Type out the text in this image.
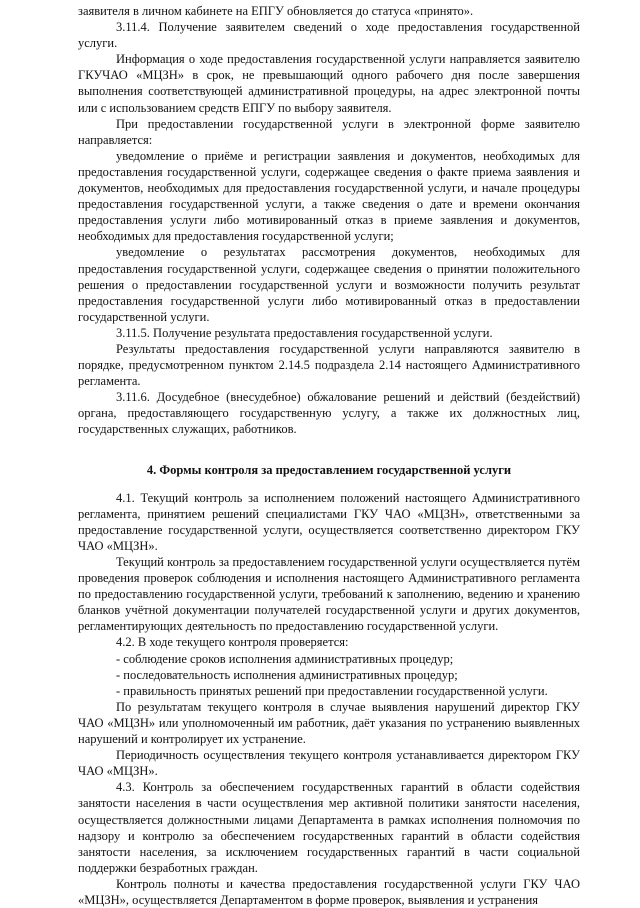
заявителя в личном кабинете на ЕПГУ обновляется до статуса «принято».

3.11.4. Получение заявителем сведений о ходе предоставления государственной услуги.

Информация о ходе предоставления государственной услуги направляется заявителю ГКУЧАО «МЦЗН» в срок, не превышающий одного рабочего дня после завершения выполнения соответствующей административной процедуры, на адрес электронной почты или с использованием средств ЕПГУ по выбору заявителя.

При предоставлении государственной услуги в электронной форме заявителю направляется:

уведомление о приёме и регистрации заявления и документов, необходимых для предоставления государственной услуги, содержащее сведения о факте приема заявления и документов, необходимых для предоставления государственной услуги, и начале процедуры предоставления государственной услуги, а также сведения о дате и времени окончания предоставления услуги либо мотивированный отказ в приеме заявления и документов, необходимых для предоставления государственной услуги;

уведомление о результатах рассмотрения документов, необходимых для предоставления государственной услуги, содержащее сведения о принятии положительного решения о предоставлении государственной услуги и возможности получить результат предоставления государственной услуги либо мотивированный отказ в предоставлении государственной услуги.

3.11.5. Получение результата предоставления государственной услуги.

Результаты предоставления государственной услуги направляются заявителю в порядке, предусмотренном пунктом 2.14.5 подраздела 2.14 настоящего Административного регламента.

3.11.6. Досудебное (внесудебное) обжалование решений и действий (бездействий) органа, предоставляющего государственную услугу, а также их должностных лиц, государственных служащих, работников.

4. Формы контроля за предоставлением государственной услуги

4.1. Текущий контроль за исполнением положений настоящего Административного регламента, принятием решений специалистами ГКУ ЧАО «МЦЗН», ответственными за предоставление государственной услуги, осуществляется соответственно директором ГКУ ЧАО «МЦЗН».

Текущий контроль за предоставлением государственной услуги осуществляется путём проведения проверок соблюдения и исполнения настоящего Административного регламента по предоставлению государственной услуги, требований к заполнению, ведению и хранению бланков учётной документации получателей государственной услуги и других документов, регламентирующих деятельность по предоставлению государственной услуги.

4.2. В ходе текущего контроля проверяется:

- соблюдение сроков исполнения административных процедур;

- последовательность исполнения административных процедур;

- правильность принятых решений при предоставлении государственной услуги.

По результатам текущего контроля в случае выявления нарушений директор ГКУ ЧАО «МЦЗН» или уполномоченный им работник, даёт указания по устранению выявленных нарушений и контролирует их устранение.

Периодичность осуществления текущего контроля устанавливается директором ГКУ ЧАО «МЦЗН».

4.3. Контроль за обеспечением государственных гарантий в области содействия занятости населения в части осуществления мер активной политики занятости населения, осуществляется должностными лицами Департамента в рамках исполнения полномочия по надзору и контролю за обеспечением государственных гарантий в области содействия занятости населения, за исключением государственных гарантий в части социальной поддержки безработных граждан.

Контроль полноты и качества предоставления государственной услуги ГКУ ЧАО «МЦЗН», осуществляется Департаментом в форме проверок, выявления и устранения
